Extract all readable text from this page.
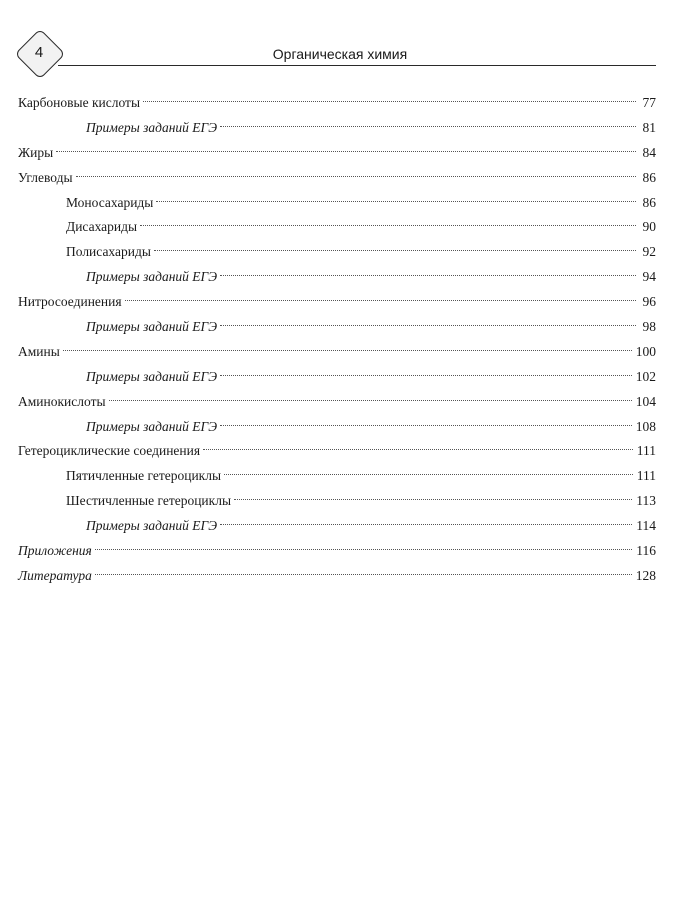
4	Органическая химия
Карбоновые кислоты	77
Примеры заданий ЕГЭ	81
Жиры	84
Углеводы	86
Моносахариды	86
Дисахариды	90
Полисахариды	92
Примеры заданий ЕГЭ	94
Нитросоединения	96
Примеры заданий ЕГЭ	98
Амины	100
Примеры заданий ЕГЭ	102
Аминокислоты	104
Примеры заданий ЕГЭ	108
Гетероциклические соединения	111
Пятичленные гетероциклы	111
Шестичленные гетероциклы	113
Примеры заданий ЕГЭ	114
Приложения	116
Литература	128
